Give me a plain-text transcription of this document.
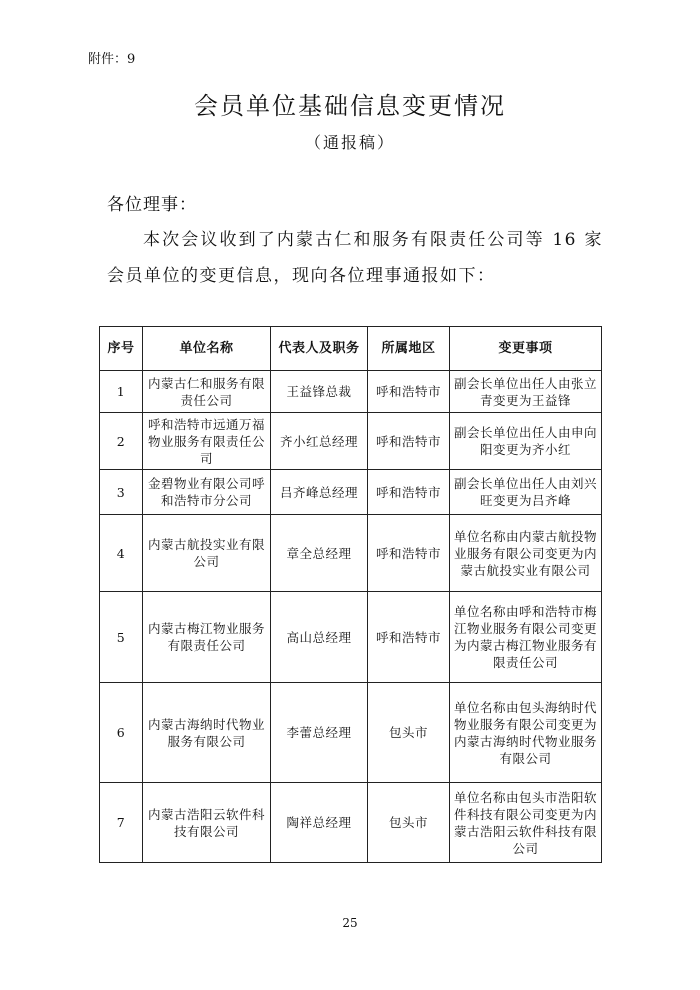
附件：9
会员单位基础信息变更情况
（通报稿）
各位理事：
本次会议收到了内蒙古仁和服务有限责任公司等 16 家会员单位的变更信息，现向各位理事通报如下：
序号	单位名称	代表人及职务	所属地区	变更事项
1	内蒙古仁和服务有限责任公司	王益锋总裁	呼和浩特市	副会长单位出任人由张立青变更为王益锋
2	呼和浩特市远通万福物业服务有限责任公司	齐小红总经理	呼和浩特市	副会长单位出任人由申向阳变更为齐小红
3	金碧物业有限公司呼和浩特市分公司	吕齐峰总经理	呼和浩特市	副会长单位出任人由刘兴旺变更为吕齐峰
4	内蒙古航投实业有限公司	章全总经理	呼和浩特市	单位名称由内蒙古航投物业服务有限公司变更为内蒙古航投实业有限公司
5	内蒙古梅江物业服务有限责任公司	高山总经理	呼和浩特市	单位名称由呼和浩特市梅江物业服务有限公司变更为内蒙古梅江物业服务有限责任公司
6	内蒙古海纳时代物业服务有限公司	李蕾总经理	包头市	单位名称由包头海纳时代物业服务有限公司变更为内蒙古海纳时代物业服务有限公司
7	内蒙古浩阳云软件科技有限公司	陶祥总经理	包头市	单位名称由包头市浩阳软件科技有限公司变更为内蒙古浩阳云软件科技有限公司
25
